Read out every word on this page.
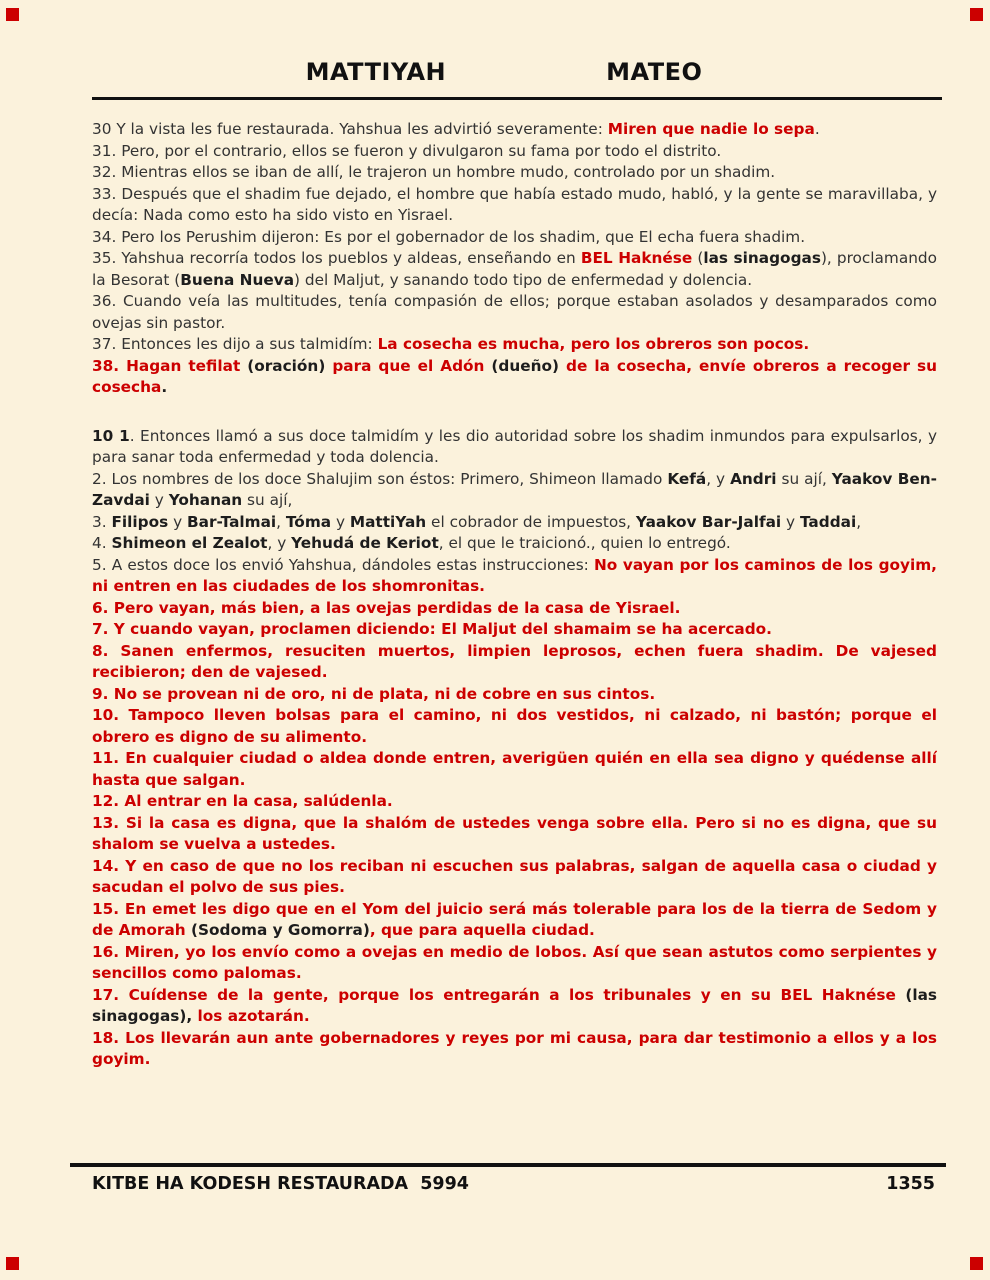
MATTIYAH	MATEO

30 Y la vista les fue restaurada. Yahshua les advirtió severamente: Miren que nadie lo sepa.

31. Pero, por el contrario, ellos se fueron y divulgaron su fama por todo el distrito.

32. Mientras ellos se iban de allí, le trajeron un hombre mudo, controlado por un shadim.

33. Después que el shadim fue dejado, el hombre que había estado mudo, habló, y la gente se maravillaba, y decía: Nada como esto ha sido visto en Yisrael.

34. Pero los Perushim dijeron: Es por el gobernador de los shadim, que El echa fuera shadim.

35. Yahshua recorría todos los pueblos y aldeas, enseñando en BEL Haknése (las sinagogas), proclamando la Besorat (Buena Nueva) del Maljut, y sanando todo tipo de enfermedad y dolencia.

36. Cuando veía las multitudes, tenía compasión de ellos; porque estaban asolados y desamparados como ovejas sin pastor.

37. Entonces les dijo a sus talmidím: La cosecha es mucha, pero los obreros son pocos.

38. Hagan tefilat (oración) para que el Adón (dueño) de la cosecha, envíe obreros a recoger su cosecha.

10 1. Entonces llamó a sus doce talmidím y les dio autoridad sobre los shadim inmundos para expulsarlos, y para sanar toda enfermedad y toda dolencia.

2. Los nombres de los doce Shalujim son éstos: Primero, Shimeon llamado Kefá, y Andri su ají, Yaakov Ben-Zavdai y Yohanan su ají,

3. Filipos y Bar-Talmai, Tóma y MattiYah el cobrador de impuestos, Yaakov Bar-Jalfai y Taddai,

4. Shimeon el Zealot, y Yehudá de Keriot, el que le traicionó., quien lo entregó.

5. A estos doce los envió Yahshua, dándoles estas instrucciones: No vayan por los caminos de los goyim, ni entren en las ciudades de los shomronitas.

6. Pero vayan, más bien, a las ovejas perdidas de la casa de Yisrael.

7. Y cuando vayan, proclamen diciendo: El Maljut del shamaim se ha acercado.

8. Sanen enfermos, resuciten muertos, limpien leprosos, echen fuera shadim. De vajesed recibieron; den de vajesed.

9. No se provean ni de oro, ni de plata, ni de cobre en sus cintos.

10. Tampoco lleven bolsas para el camino, ni dos vestidos, ni calzado, ni bastón; porque el obrero es digno de su alimento.

11. En cualquier ciudad o aldea donde entren, averigüen quién en ella sea digno y quédense allí hasta que salgan.

12. Al entrar en la casa, salúdenla.

13. Si la casa es digna, que la shalóm de ustedes venga sobre ella. Pero si no es digna, que su shalom se vuelva a ustedes.

14. Y en caso de que no los reciban ni escuchen sus palabras, salgan de aquella casa o ciudad y sacudan el polvo de sus pies.

15. En emet les digo que en el Yom del juicio será más tolerable para los de la tierra de Sedom y de Amorah (Sodoma y Gomorra), que para aquella ciudad.

16. Miren, yo los envío como a ovejas en medio de lobos. Así que sean astutos como serpientes y sencillos como palomas.

17. Cuídense de la gente, porque los entregarán a los tribunales y en su BEL Haknése (las sinagogas), los azotarán.

18. Los llevarán aun ante gobernadores y reyes por mi causa, para dar testimonio a ellos y a los goyim.

KITBE HA KODESH RESTAURADA  5994	1355
